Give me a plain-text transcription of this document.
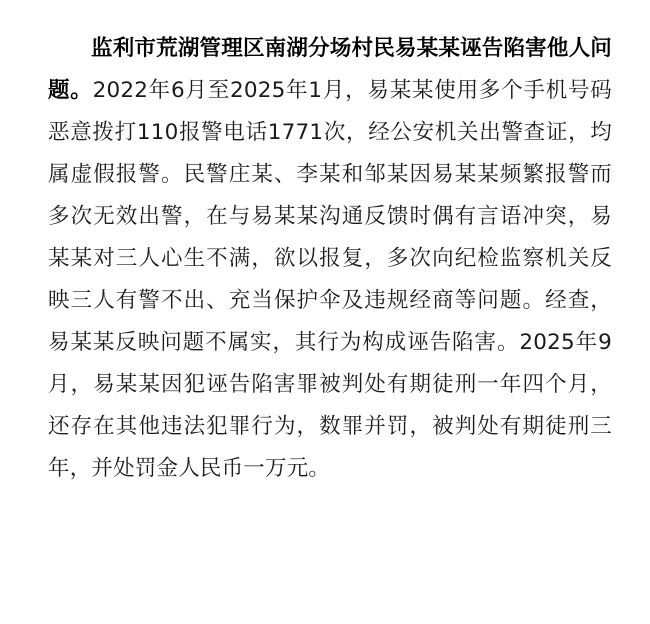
监利市荒湖管理区南湖分场村民易某某诬告陷害他人问题。2022年6月至2025年1月，易某某使用多个手机号码恶意拨打110报警电话1771次，经公安机关出警查证，均属虚假报警。民警庄某、李某和邹某因易某某频繁报警而多次无效出警，在与易某某沟通反馈时偶有言语冲突，易某某对三人心生不满，欲以报复，多次向纪检监察机关反映三人有警不出、充当保护伞及违规经商等问题。经查，易某某反映问题不属实，其行为构成诬告陷害。2025年9月，易某某因犯诬告陷害罪被判处有期徒刑一年四个月，还存在其他违法犯罪行为，数罪并罚，被判处有期徒刑三年，并处罚金人民币一万元。
